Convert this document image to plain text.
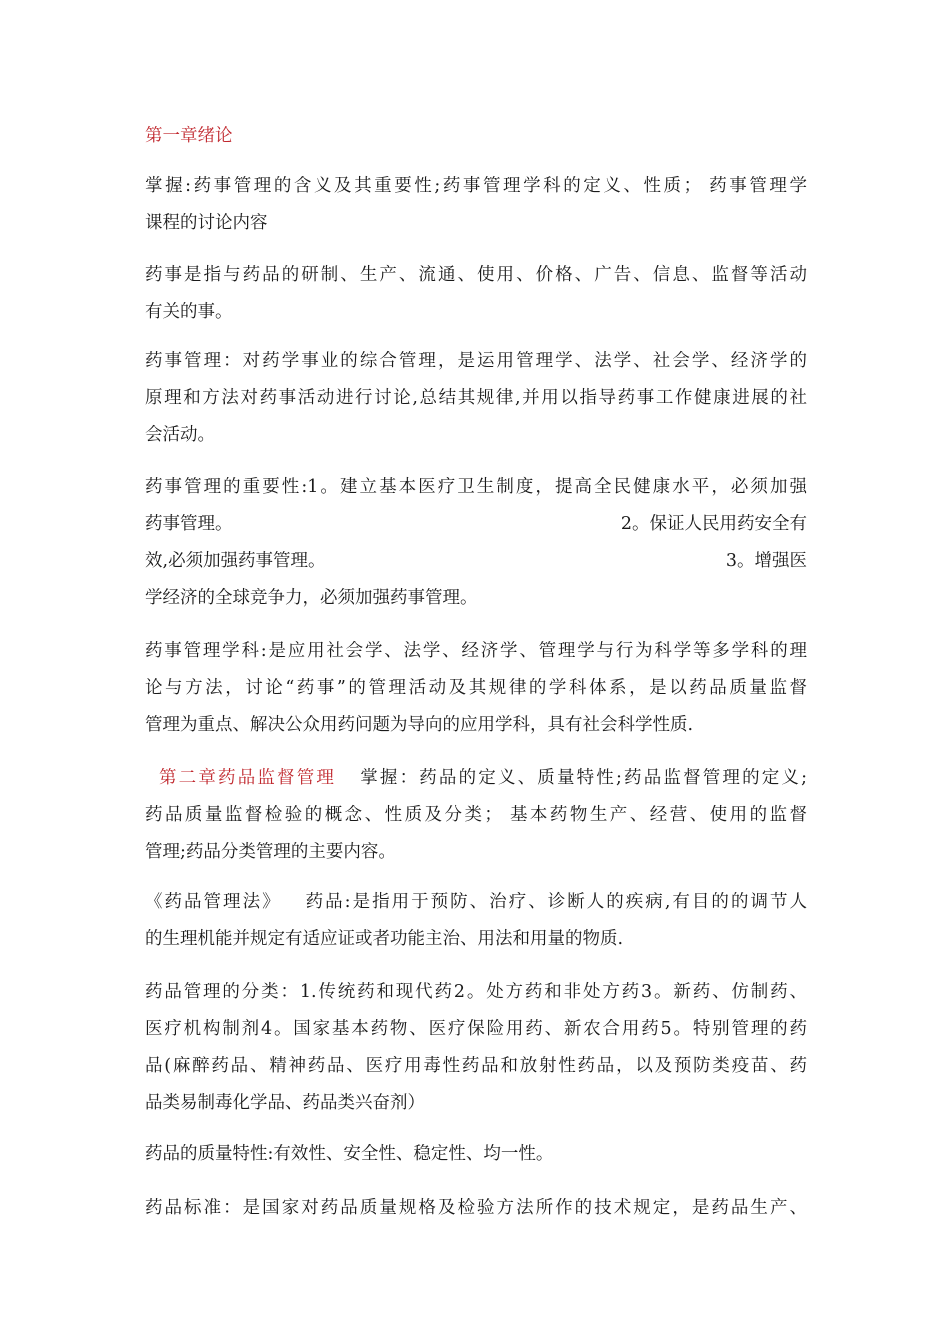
第一章绪论
掌握:药事管理的含义及其重要性;药事管理学科的定义、性质； 药事管理学
课程的讨论内容
药事是指与药品的研制、生产、流通、使用、价格、广告、信息、监督等活动
有关的事。
药事管理：对药学事业的综合管理，是运用管理学、法学、社会学、经济学的
原理和方法对药事活动进行讨论,总结其规律,并用以指导药事工作健康进展的社
会活动。
药事管理的重要性:1。建立基本医疗卫生制度，提高全民健康水平，必须加强
药事管理。	2。保证人民用药安全有
效,必须加强药事管理。	3。增强医
学经济的全球竞争力，必须加强药事管理。
药事管理学科:是应用社会学、法学、经济学、管理学与行为科学等多学科的理
论与方法，讨论“药事”的管理活动及其规律的学科体系，是以药品质量监督
管理为重点、解决公众用药问题为导向的应用学科，具有社会科学性质.
第二章药品监督管理 掌握：药品的定义、质量特性;药品监督管理的定义;
药品质量监督检验的概念、性质及分类； 基本药物生产、经营、使用的监督
管理;药品分类管理的主要内容。
《药品管理法》 药品:是指用于预防、治疗、诊断人的疾病,有目的的调节人
的生理机能并规定有适应证或者功能主治、用法和用量的物质.
药品管理的分类：1.传统药和现代药2。处方药和非处方药3。新药、仿制药、
医疗机构制剂4。国家基本药物、医疗保险用药、新农合用药5。特别管理的药
品(麻醉药品、精神药品、医疗用毒性药品和放射性药品，以及预防类疫苗、药
品类易制毒化学品、药品类兴奋剂）
药品的质量特性:有效性、安全性、稳定性、均一性。
药品标准：是国家对药品质量规格及检验方法所作的技术规定，是药品生产、
